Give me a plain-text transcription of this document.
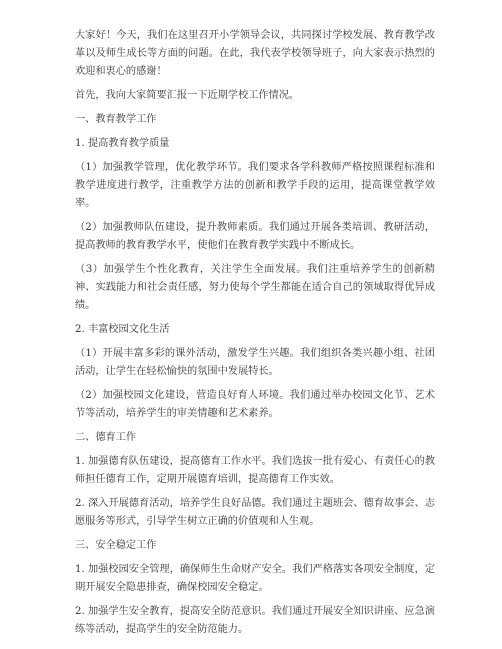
大家好！今天，我们在这里召开小学领导会议，共同探讨学校发展、教育教学改革以及师生成长等方面的问题。在此，我代表学校领导班子，向大家表示热烈的欢迎和衷心的感谢！

首先，我向大家简要汇报一下近期学校工作情况。

一、教育教学工作

1. 提高教育教学质量

（1）加强教学管理，优化教学环节。我们要求各学科教师严格按照课程标准和教学进度进行教学，注重教学方法的创新和教学手段的运用，提高课堂教学效率。

（2）加强教师队伍建设，提升教师素质。我们通过开展各类培训、教研活动，提高教师的教育教学水平，使他们在教育教学实践中不断成长。

（3）加强学生个性化教育，关注学生全面发展。我们注重培养学生的创新精神、实践能力和社会责任感，努力使每个学生都能在适合自己的领域取得优异成绩。

2. 丰富校园文化生活

（1）开展丰富多彩的课外活动，激发学生兴趣。我们组织各类兴趣小组、社团活动，让学生在轻松愉快的氛围中发展特长。

（2）加强校园文化建设，营造良好育人环境。我们通过举办校园文化节、艺术节等活动，培养学生的审美情趣和艺术素养。

二、德育工作

1. 加强德育队伍建设，提高德育工作水平。我们选拔一批有爱心、有责任心的教师担任德育工作，定期开展德育培训，提高德育工作实效。

2. 深入开展德育活动，培养学生良好品德。我们通过主题班会、德育故事会、志愿服务等形式，引导学生树立正确的价值观和人生观。

三、安全稳定工作

1. 加强校园安全管理，确保师生生命财产安全。我们严格落实各项安全制度，定期开展安全隐患排查，确保校园安全稳定。

2. 加强学生安全教育，提高安全防范意识。我们通过开展安全知识讲座、应急演练等活动，提高学生的安全防范能力。
